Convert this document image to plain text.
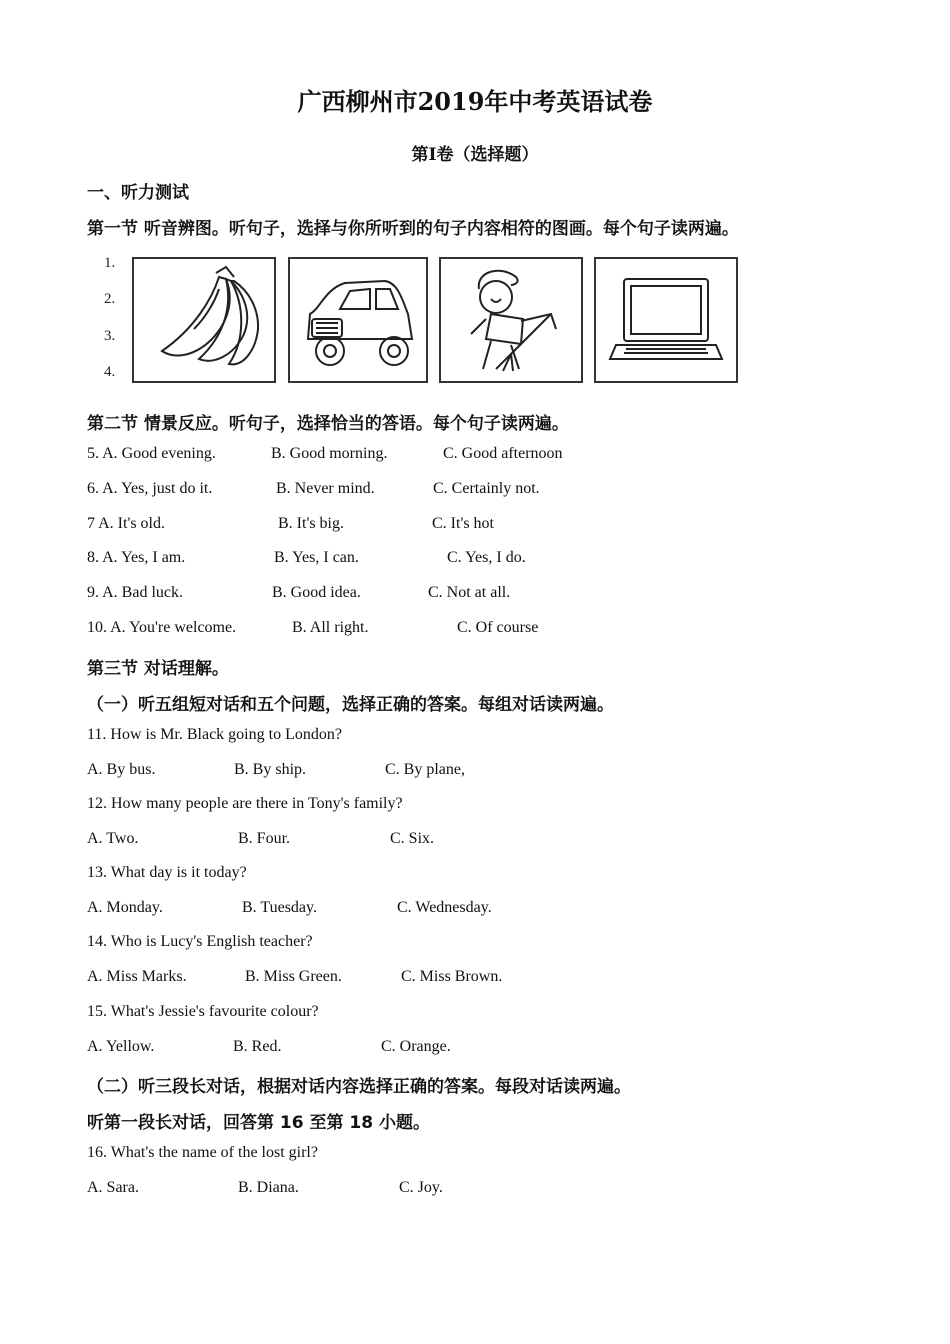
广西柳州市2019年中考英语试卷
第I卷（选择题）
一、听力测试
第一节 听音辨图。听句子，选择与你所听到的句子内容相符的图画。每个句子读两遍。
1.
2.
3.
4.
第二节 情景反应。听句子，选择恰当的答语。每个句子读两遍。
5. A. Good evening.	B. Good morning.	C. Good afternoon
6. A. Yes, just do it.	B. Never mind.	C. Certainly not.
7 A. It's old.	B. It's big.	C. It's hot
8. A. Yes, I am.	B. Yes, I can.	C. Yes, I do.
9. A. Bad luck.	B. Good idea.	C. Not at all.
10. A. You're welcome.	B. All right.	C. Of course
第三节 对话理解。
（一）听五组短对话和五个问题，选择正确的答案。每组对话读两遍。
11. How is Mr. Black going to London?
A. By bus.	B. By ship.	C. By plane,
12. How many people are there in Tony's family?
A. Two.	B. Four.	C. Six.
13. What day is it today?
A. Monday.	B. Tuesday.	C. Wednesday.
14. Who is Lucy's English teacher?
A. Miss Marks.	B. Miss Green.	C. Miss Brown.
15. What's Jessie's favourite colour?
A. Yellow.	B. Red.	C. Orange.
（二）听三段长对话，根据对话内容选择正确的答案。每段对话读两遍。
听第一段长对话，回答第 16 至第 18 小题。
16. What's the name of the lost girl?
A. Sara.	B. Diana.	C. Joy.
